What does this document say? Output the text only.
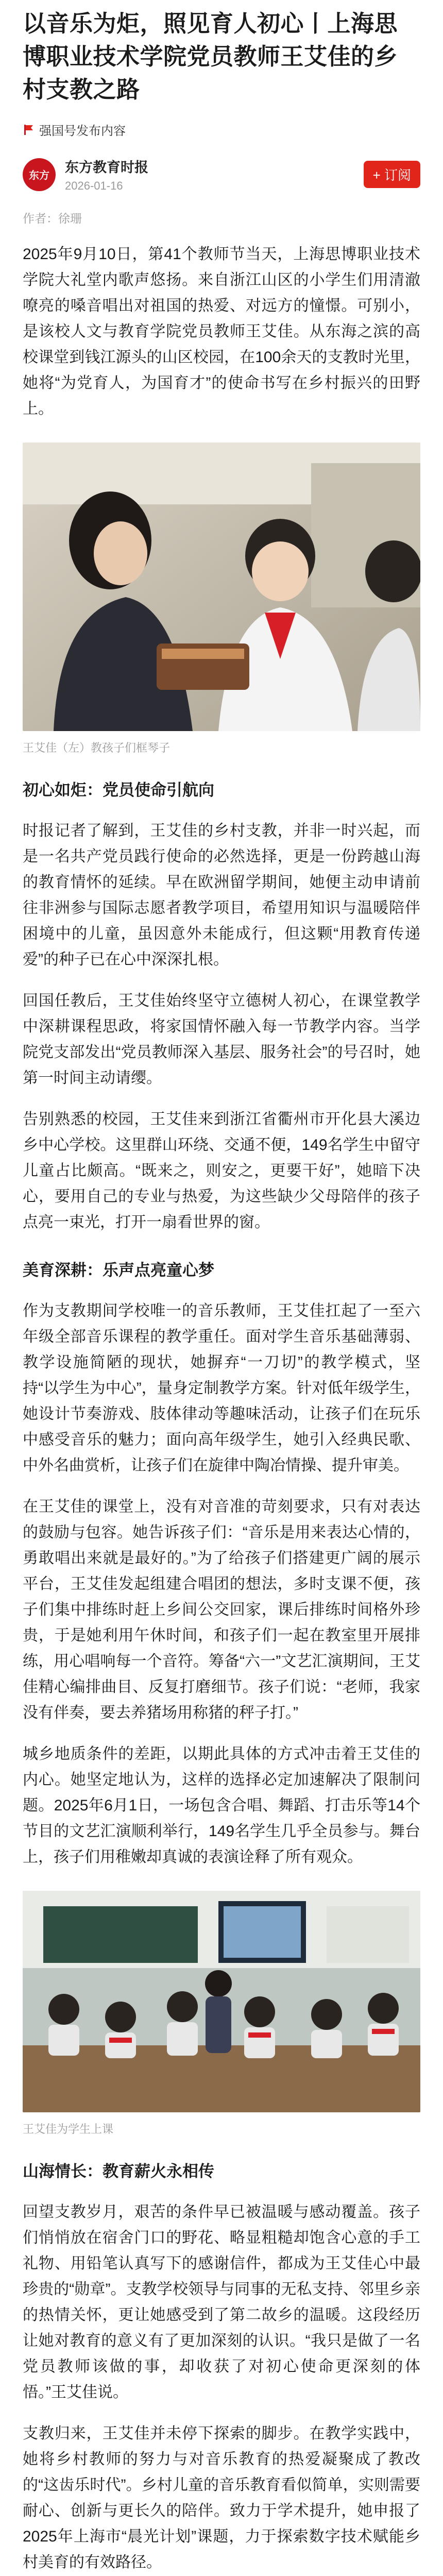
以音乐为炬，照见育人初心丨上海思博职业技术学院党员教师王艾佳的乡村支教之路
强国号发布内容
东方
东方教育时报
2026-01-16
+ 订阅
作者：徐珊

2025年9月10日，第41个教师节当天，上海思博职业技术学院大礼堂内歌声悠扬。来自浙江山区的小学生们用清澈嘹亮的嗓音唱出对祖国的热爱、对远方的憧憬。可别小，是该校人文与教育学院党员教师王艾佳。从东海之滨的高校课堂到钱江源头的山区校园，在100余天的支教时光里，她将“为党育人，为国育才”的使命书写在乡村振兴的田野上。

王艾佳（左）教孩子们框琴子
初心如炬：党员使命引航向

时报记者了解到，王艾佳的乡村支教，并非一时兴起，而是一名共产党员践行使命的必然选择，更是一份跨越山海的教育情怀的延续。早在欧洲留学期间，她便主动申请前往非洲参与国际志愿者教学项目，希望用知识与温暖陪伴困境中的儿童，虽因意外未能成行，但这颗“用教育传递爱”的种子已在心中深深扎根。

回国任教后，王艾佳始终坚守立德树人初心，在课堂教学中深耕课程思政，将家国情怀融入每一节教学内容。当学院党支部发出“党员教师深入基层、服务社会”的号召时，她第一时间主动请缨。

告别熟悉的校园，王艾佳来到浙江省衢州市开化县大溪边乡中心学校。这里群山环绕、交通不便，149名学生中留守儿童占比颇高。“既来之，则安之，更要干好”，她暗下决心，要用自己的专业与热爱，为这些缺少父母陪伴的孩子点亮一束光，打开一扇看世界的窗。

美育深耕：乐声点亮童心梦

作为支教期间学校唯一的音乐教师，王艾佳扛起了一至六年级全部音乐课程的教学重任。面对学生音乐基础薄弱、教学设施简陋的现状，她摒弃“一刀切”的教学模式，坚持“以学生为中心”，量身定制教学方案。针对低年级学生，她设计节奏游戏、肢体律动等趣味活动，让孩子们在玩乐中感受音乐的魅力；面向高年级学生，她引入经典民歌、中外名曲赏析，让孩子们在旋律中陶冶情操、提升审美。

在王艾佳的课堂上，没有对音准的苛刻要求，只有对表达的鼓励与包容。她告诉孩子们：“音乐是用来表达心情的，勇敢唱出来就是最好的。”为了给孩子们搭建更广阔的展示平台，王艾佳发起组建合唱团的想法，多时支课不便，孩子们集中排练时赶上乡间公交回家，课后排练时间格外珍贵，于是她利用午休时间，和孩子们一起在教室里开展排练，用心唱响每一个音符。筹备“六一”文艺汇演期间，王艾佳精心编排曲目、反复打磨细节。孩子们说：“老师，我家没有伴奏，要去养猪场用称猪的秤子打。”

城乡地质条件的差距，以期此具体的方式冲击着王艾佳的内心。她坚定地认为，这样的选择必定加速解决了限制问题。2025年6月1日，一场包含合唱、舞蹈、打击乐等14个节目的文艺汇演顺利举行，149名学生几乎全员参与。舞台上，孩子们用稚嫩却真诚的表演诠释了所有观众。

王艾佳为学生上课
山海情长：教育薪火永相传

回望支教岁月，艰苦的条件早已被温暖与感动覆盖。孩子们悄悄放在宿舍门口的野花、略显粗糙却饱含心意的手工礼物、用铅笔认真写下的感谢信件，都成为王艾佳心中最珍贵的“勋章”。支教学校领导与同事的无私支持、邻里乡亲的热情关怀，更让她感受到了第二故乡的温暖。这段经历让她对教育的意义有了更加深刻的认识。“我只是做了一名党员教师该做的事，却收获了对初心使命更深刻的体悟。”王艾佳说。

支教归来，王艾佳并未停下探索的脚步。在教学实践中，她将乡村教师的努力与对音乐教育的热爱凝聚成了教改的“这齿乐时代”。乡村儿童的音乐教育看似简单，实则需要耐心、创新与更长久的陪伴。致力于学术提升，她申报了2025年上海市“晨光计划”课题，力于探索数字技术赋能乡村美育的有效路径。
